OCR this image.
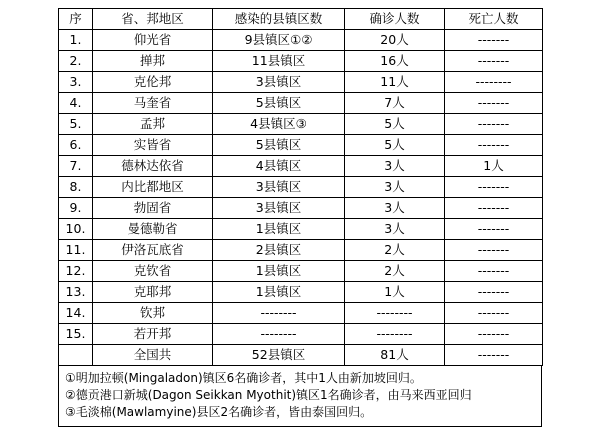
序	省、邦地区	感染的县镇区数	确诊人数	死亡人数
1.	仰光省	9县镇区①②	20人	-------
2.	掸邦	11县镇区	16人	-------
3.	克伦邦	3县镇区	11人	--------
4.	马奎省	5县镇区	7人	-------
5.	孟邦	4县镇区③	5人	-------
6.	实皆省	5县镇区	5人	-------
7.	德林达依省	4县镇区	3人	1人
8.	内比都地区	3县镇区	3人	-------
9.	勃固省	3县镇区	3人	-------
10.	曼德勒省	1县镇区	3人	-------
11.	伊洛瓦底省	2县镇区	2人	-------
12.	克钦省	1县镇区	2人	-------
13.	克耶邦	1县镇区	1人	-------
14.	钦邦	--------	--------	-------
15.	若开邦	--------	--------	-------
	全国共	52县镇区	81人	-------
①明加拉顿(Mingaladon)镇区6名确诊者，其中1人由新加坡回归。
②德贡港口新城(Dagon Seikkan Myothit)镇区1名确诊者，由马来西亚回归
③毛淡棉(Mawlamyine)县区2名确诊者，皆由泰国回归。
